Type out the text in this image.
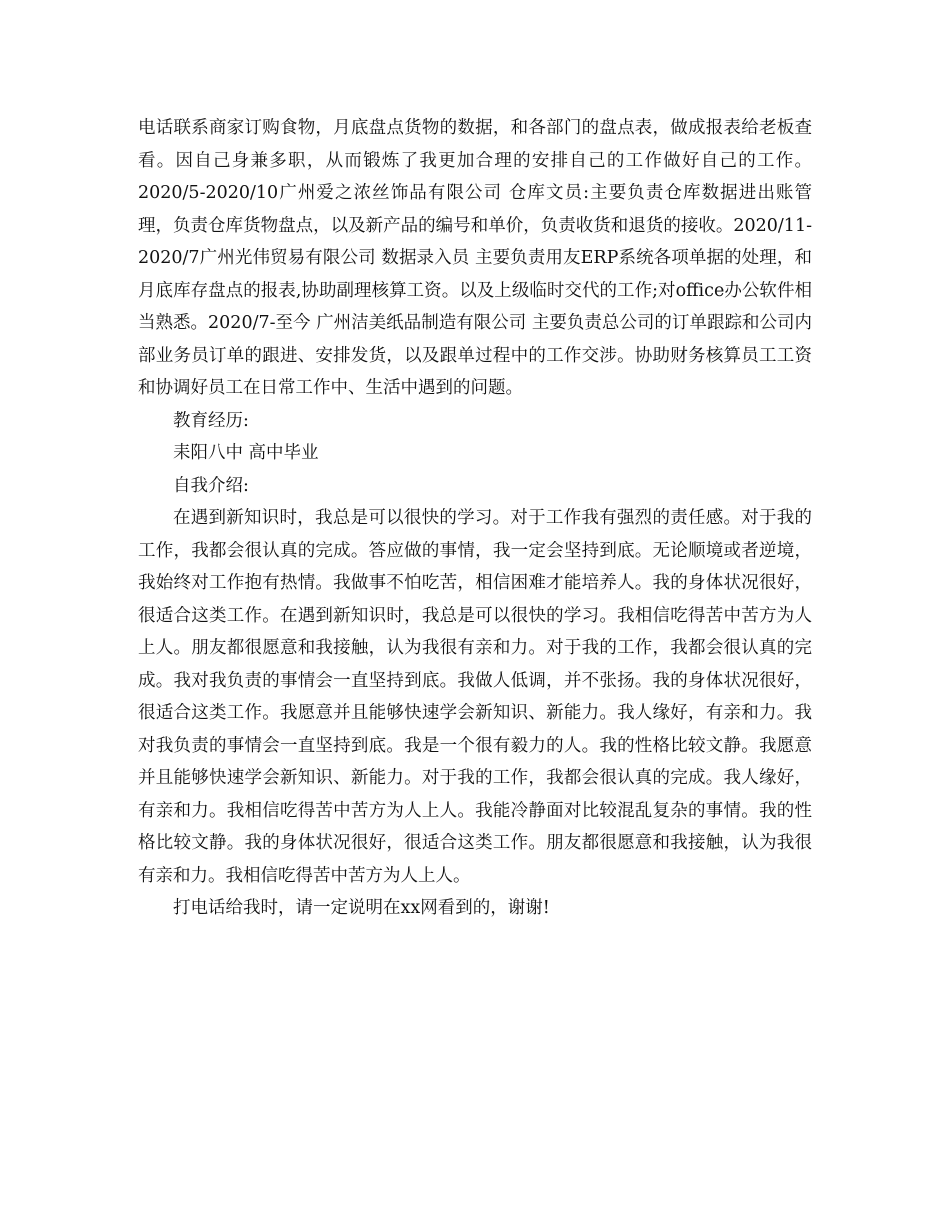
电话联系商家订购食物，月底盘点货物的数据，和各部门的盘点表，做成报表给老板查看。因自己身兼多职，从而锻炼了我更加合理的安排自己的工作做好自己的工作。2020/5-2020/10广州爱之浓丝饰品有限公司 仓库文员:主要负责仓库数据进出账管理，负责仓库货物盘点，以及新产品的编号和单价，负责收货和退货的接收。2020/11-2020/7广州光伟贸易有限公司 数据录入员 主要负责用友ERP系统各项单据的处理，和月底库存盘点的报表,协助副理核算工资。以及上级临时交代的工作;对office办公软件相当熟悉。2020/7-至今 广州洁美纸品制造有限公司 主要负责总公司的订单跟踪和公司内部业务员订单的跟进、安排发货，以及跟单过程中的工作交涉。协助财务核算员工工资和协调好员工在日常工作中、生活中遇到的问题。

教育经历:

耒阳八中 高中毕业

自我介绍:

在遇到新知识时，我总是可以很快的学习。对于工作我有强烈的责任感。对于我的工作，我都会很认真的完成。答应做的事情，我一定会坚持到底。无论顺境或者逆境，我始终对工作抱有热情。我做事不怕吃苦，相信困难才能培养人。我的身体状况很好，很适合这类工作。在遇到新知识时，我总是可以很快的学习。我相信吃得苦中苦方为人上人。朋友都很愿意和我接触，认为我很有亲和力。对于我的工作，我都会很认真的完成。我对我负责的事情会一直坚持到底。我做人低调，并不张扬。我的身体状况很好，很适合这类工作。我愿意并且能够快速学会新知识、新能力。我人缘好，有亲和力。我对我负责的事情会一直坚持到底。我是一个很有毅力的人。我的性格比较文静。我愿意并且能够快速学会新知识、新能力。对于我的工作，我都会很认真的完成。我人缘好，有亲和力。我相信吃得苦中苦方为人上人。我能冷静面对比较混乱复杂的事情。我的性格比较文静。我的身体状况很好，很适合这类工作。朋友都很愿意和我接触，认为我很有亲和力。我相信吃得苦中苦方为人上人。

打电话给我时，请一定说明在xx网看到的，谢谢!
